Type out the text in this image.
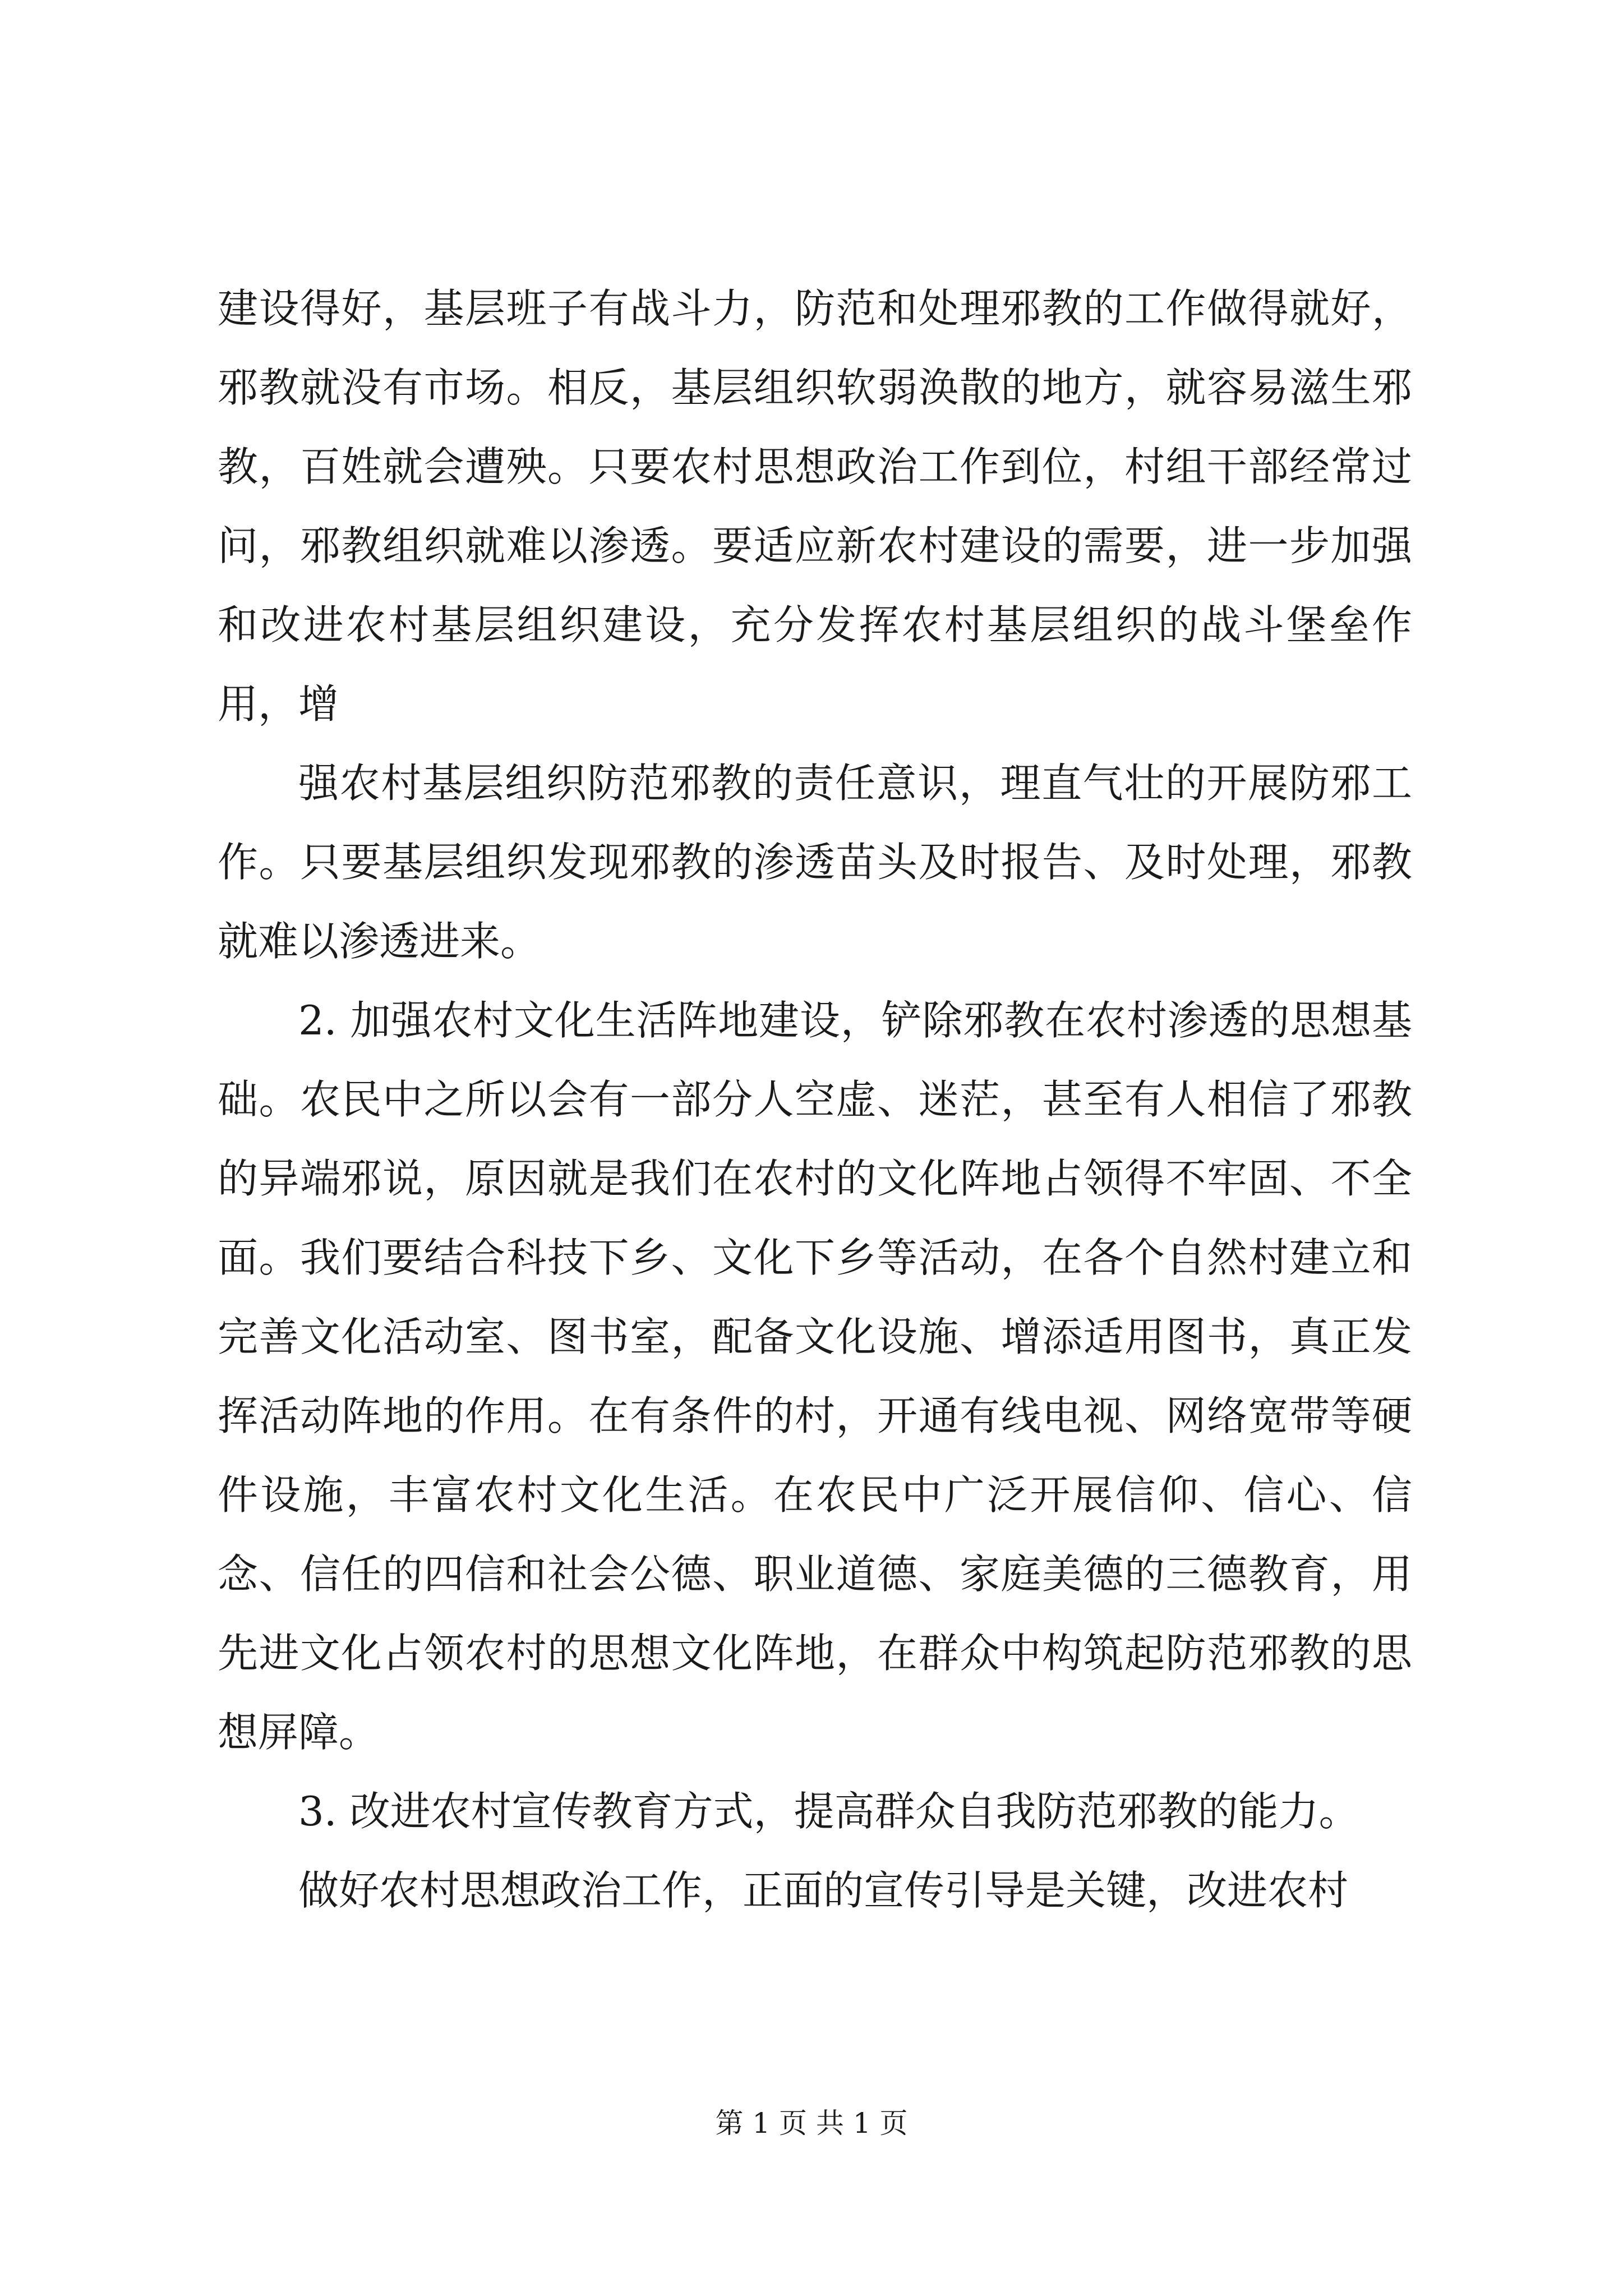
建设得好，基层班子有战斗力，防范和处理邪教的工作做得就好，邪教就没有市场。相反，基层组织软弱涣散的地方，就容易滋生邪教，百姓就会遭殃。只要农村思想政治工作到位，村组干部经常过问，邪教组织就难以渗透。要适应新农村建设的需要，进一步加强和改进农村基层组织建设，充分发挥农村基层组织的战斗堡垒作用，增

强农村基层组织防范邪教的责任意识，理直气壮的开展防邪工作。只要基层组织发现邪教的渗透苗头及时报告、及时处理，邪教就难以渗透进来。

2. 加强农村文化生活阵地建设，铲除邪教在农村渗透的思想基础。农民中之所以会有一部分人空虚、迷茫，甚至有人相信了邪教的异端邪说，原因就是我们在农村的文化阵地占领得不牢固、不全面。我们要结合科技下乡、文化下乡等活动，在各个自然村建立和完善文化活动室、图书室，配备文化设施、增添适用图书，真正发挥活动阵地的作用。在有条件的村，开通有线电视、网络宽带等硬件设施，丰富农村文化生活。在农民中广泛开展信仰、信心、信念、信任的四信和社会公德、职业道德、家庭美德的三德教育，用先进文化占领农村的思想文化阵地，在群众中构筑起防范邪教的思想屏障。

3. 改进农村宣传教育方式，提高群众自我防范邪教的能力。

做好农村思想政治工作，正面的宣传引导是关键，改进农村

第 1 页 共 1 页
